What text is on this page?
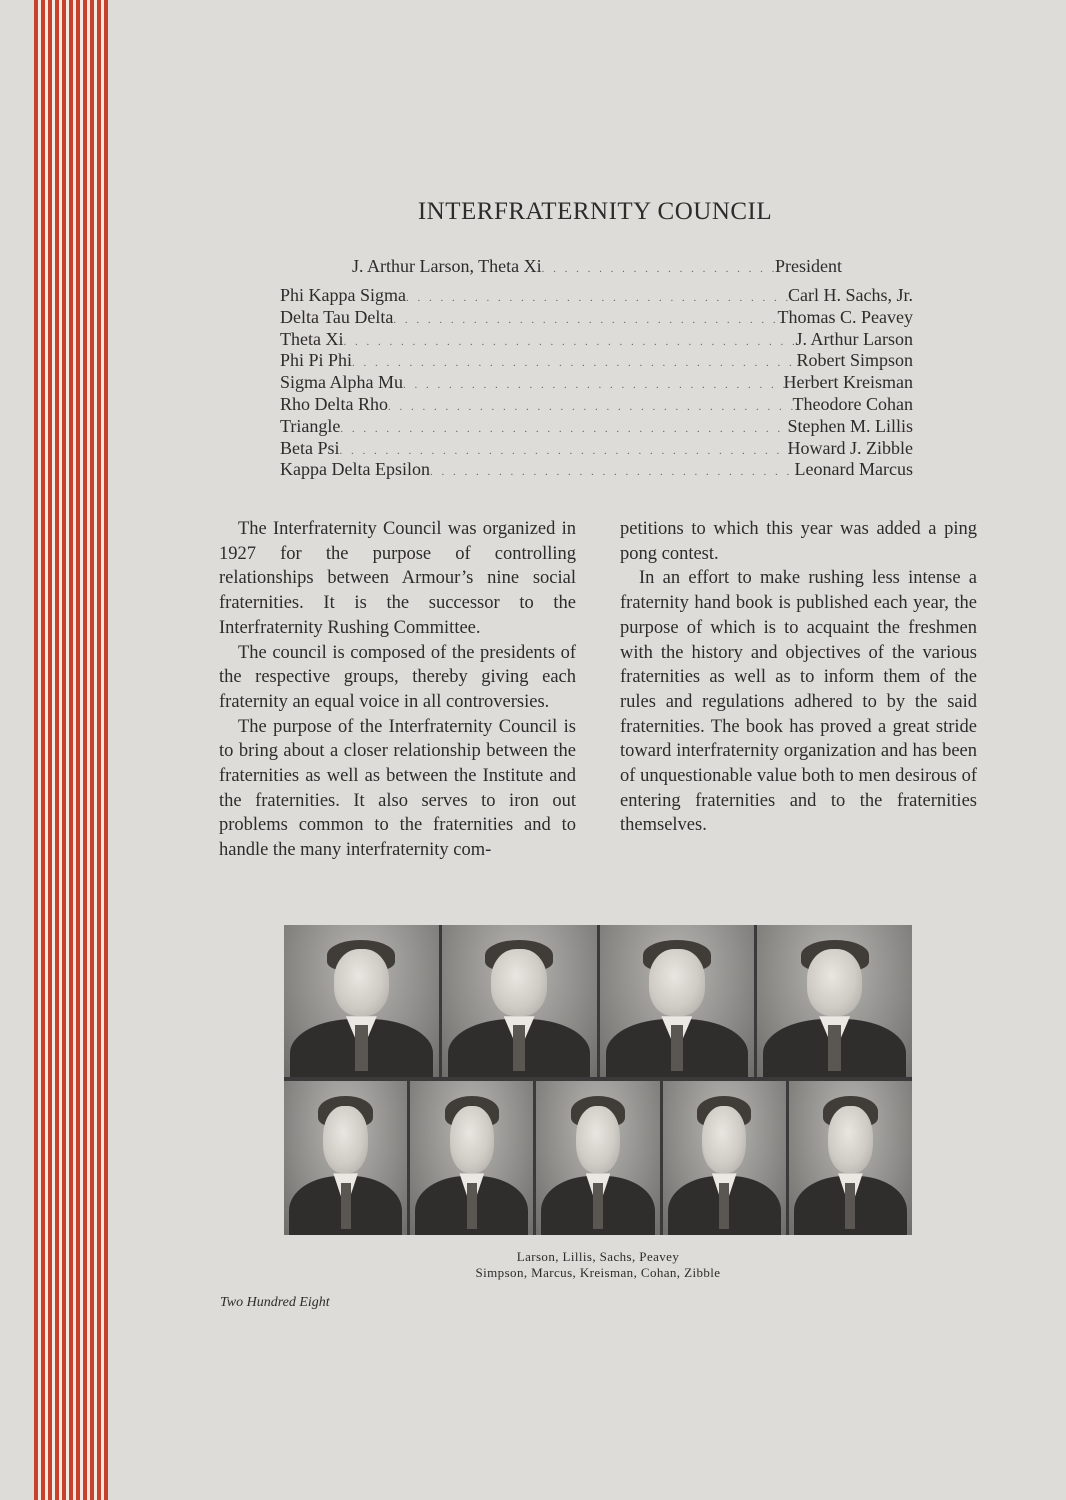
INTERFRATERNITY COUNCIL
J. Arthur Larson, Theta Xi . . .	President
Phi Kappa Sigma . . .	Carl H. Sachs, Jr.
Delta Tau Delta . . .	Thomas C. Peavey
Theta Xi . . .	J. Arthur Larson
Phi Pi Phi . . .	Robert Simpson
Sigma Alpha Mu . . .	Herbert Kreisman
Rho Delta Rho . . .	Theodore Cohan
Triangle . . .	Stephen M. Lillis
Beta Psi . . .	Howard J. Zibble
Kappa Delta Epsilon . . .	Leonard Marcus

The Interfraternity Council was organized in 1927 for the purpose of controlling relationships between Armour’s nine social fraternities. It is the successor to the Interfraternity Rushing Committee.

The council is composed of the presidents of the respective groups, thereby giving each fraternity an equal voice in all controversies.

The purpose of the Interfraternity Council is to bring about a closer relationship between the fraternities as well as between the Institute and the fraternities. It also serves to iron out problems common to the fraternities and to handle the many interfraternity com-

petitions to which this year was added a ping pong contest.

In an effort to make rushing less intense a fraternity hand book is published each year, the purpose of which is to acquaint the freshmen with the history and objectives of the various fraternities as well as to inform them of the rules and regulations adhered to by the said fraternities. The book has proved a great stride toward interfraternity organization and has been of unquestionable value both to men desirous of entering fraternities and to the fraternities themselves.

Larson, Lillis, Sachs, Peavey
Simpson, Marcus, Kreisman, Cohan, Zibble
Two Hundred Eight
